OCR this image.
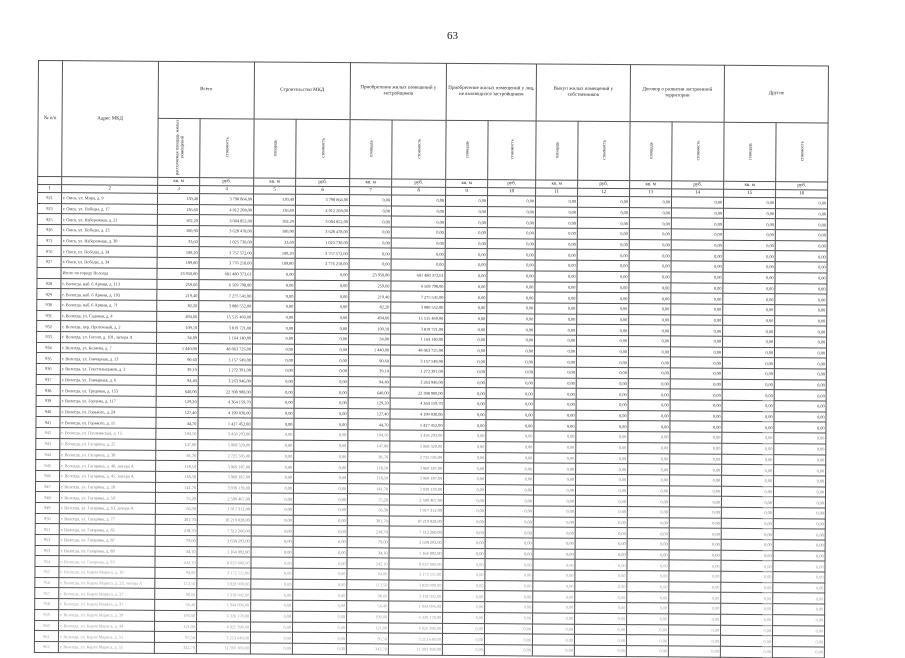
63
№ п/п	Адрес МКД	Всего		Строительство МКД		Приобретение жилых помещений у застройщиков		Приобретение жилых помещений у лиц, не являющихся застройщиком		Выкуп жилых помещений у собственников		Договор о развитии застроенной территории		Другие	
		расселяемая площадь жилых помещений	стоимость	площадь	стоимость	площадь	стоимость	площадь	стоимость	площадь	стоимость	площадь	стоимость	площадь	стоимость
		кв. м	руб.	кв. м	руб.	кв. м	руб.	кв. м	руб.	кв. м	руб.	кв. м	руб.	кв. м	руб.
1	2	3	4	5	6	7	8	9	10	11	12	13	14	15	16
921	г. Омск, ул. Мира, д. 9	130,40	3 798 864,00	130,40	3 798 864,00	0,00	0,00	0,00	0,00	0,00	0,00	0,00	0,00	0,00	0,00
923	г. Омск, ул. Победы, д. 17	136,60	4 012 208,00	136,60	4 012 208,00	0,00	0,00	0,00	0,00	0,00	0,00	0,00	0,00	0,00	0,00
925	г. Омск, ул. Набережная, д. 21	102,20	3 004 852,00	102,20	3 004 852,00	0,00	0,00	0,00	0,00	0,00	0,00	0,00	0,00	0,00	0,00
926	г. Омск, ул. Победы, д. 23	100,90	3 628 478,00	100,90	3 628 478,00	0,00	0,00	0,00	0,00	0,00	0,00	0,00	0,00	0,00	0,00
972	г. Омск, ул. Набережная, д. 30	33,60	1 025 730,00	33,60	1 025 730,00	0,00	0,00	0,00	0,00	0,00	0,00	0,00	0,00	0,00	0,00
976	г. Омск, ул. Победы, д. 34	109,20	3 757 572,00	109,20	3 757 572,00	0,00	0,00	0,00	0,00	0,00	0,00	0,00	0,00	0,00	0,00
927	г. Омск, ул. Победы, д. 34	109,80	3 776 218,00	109,80	3 776 218,00	0,00	0,00	0,00	0,00	0,00	0,00	0,00	0,00	0,00	0,00
	Итого по городу Вологда	23 950,80	681 480 373,61	0,00	0,00	23 950,80	681 480 373,61	0,00	0,00	0,00	0,00	0,00	0,00	0,00	0,00
928	г. Вологда, наб. 6 Армии, д. 113	259,60	6 569 798,00	0,00	0,00	259,60	6 569 798,00	0,00	0,00	0,00	0,00	0,00	0,00	0,00	0,00
929	г. Вологда, наб. 6 Армии, д. 193	219,40	7 275 541,00	0,00	0,00	219,40	7 275 541,00	0,00	0,00	0,00	0,00	0,00	0,00	0,00	0,00
930	г. Вологда, наб. 6 Армии, д. 71	82,20	3 080 552,00	0,00	0,00	82,20	3 080 552,00	0,00	0,00	0,00	0,00	0,00	0,00	0,00	0,00
931	г. Вологда, ул. Садовая, д. 4	494,60	15 515 469,00	0,00	0,00	494,60	15 515 469,00	0,00	0,00	0,00	0,00	0,00	0,00	0,00	0,00
932	г. Вологда, пер. Проточный, д. 2	109,10	3 819 721,00	0,00	0,00	109,10	3 819 721,00	0,00	0,00	0,00	0,00	0,00	0,00	0,00	0,00
933	г. Вологда, ул. Гоголя, д. 101, литера А	34,00	1 164 140,00	0,00	0,00	34,00	1 164 140,00	0,00	0,00	0,00	0,00	0,00	0,00	0,00	0,00
934	г. Вологда, ул. Беляева, д. 7	1 440,00	48 063 725,00	0,00	0,00	1 440,00	48 063 725,00	0,00	0,00	0,00	0,00	0,00	0,00	0,00	0,00
935	г. Вологда, ул. Гончарная, д. 13	90,60	3 157 549,00	0,00	0,00	90,60	3 157 549,00	0,00	0,00	0,00	0,00	0,00	0,00	0,00	0,00
936	г. Вологда, ул. Текстильщиков, д. 2	39,10	1 272 391,00	0,00	0,00	39,10	1 272 391,00	0,00	0,00	0,00	0,00	0,00	0,00	0,00	0,00
937	г. Вологда, ул. Гончарная, д. 6	94,40	3 263 946,00	0,00	0,00	94,40	3 263 946,00	0,00	0,00	0,00	0,00	0,00	0,00	0,00	0,00
938	г. Вологда, ул. Трудовая, д. 153	640,00	22 398 900,00	0,00	0,00	640,00	22 398 900,00	0,00	0,00	0,00	0,00	0,00	0,00	0,00	0,00
939	г. Вологда, ул. Герцена, д. 117	129,20	4 364 159,70	0,00	0,00	129,20	4 364 159,70	0,00	0,00	0,00	0,00	0,00	0,00	0,00	0,00
940	г. Вологда, ул. Горького, д. 24	127,40	4 199 030,00	0,00	0,00	127,40	4 199 030,00	0,00	0,00	0,00	0,00	0,00	0,00	0,00	0,00
941	г. Вологда, ул. Горького, д. 11	44,70	1 427 452,00	0,00	0,00	44,70	1 427 452,00	0,00	0,00	0,00	0,00	0,00	0,00	0,00	0,00
942	г. Вологда, ул. Пушкинская, д. 15	104,50	3 458 293,00	0,00	0,00	104,50	3 458 293,00	0,00	0,00	0,00	0,00	0,00	0,00	0,00	0,00
943	г. Вологда, ул. Гагарина, д. 25	147,00	5 068 320,00	0,00	0,00	147,00	5 068 320,00	0,00	0,00	0,00	0,00	0,00	0,00	0,00	0,00
944	г. Вологда, ул. Гагарина, д. 38	81,70	2 725 505,00	0,00	0,00	81,70	2 725 505,00	0,00	0,00	0,00	0,00	0,00	0,00	0,00	0,00
945	г. Вологда, ул. Гагарина, д. 40, литера А	118,50	3 969 187,00	0,00	0,00	118,50	3 969 187,00	0,00	0,00	0,00	0,00	0,00	0,00	0,00	0,00
946	г. Вологда, ул. Гагарина, д. 45, литера А	118,50	3 969 187,00	0,00	0,00	118,50	3 969 187,00	0,00	0,00	0,00	0,00	0,00	0,00	0,00	0,00
947	г. Вологда, ул. Гагарина, д. 18	141,70	3 939 139,00	0,00	0,00	141,70	3 939 139,00	0,00	0,00	0,00	0,00	0,00	0,00	0,00	0,00
948	г. Вологда, ул. Гагарина, д. 59	75,20	2 509 467,00	0,00	0,00	75,20	2 509 467,00	0,00	0,00	0,00	0,00	0,00	0,00	0,00	0,00
949	г. Вологда, ул. Гагарина, д. 63, литера А	56,30	1 917 312,00	0,00	0,00	56,30	1 917 312,00	0,00	0,00	0,00	0,00	0,00	0,00	0,00	0,00
950	г. Вологда, ул. Гагарина, д. 77	301,70	10 219 028,00	0,00	0,00	301,70	10 219 028,00	0,00	0,00	0,00	0,00	0,00	0,00	0,00	0,00
951	г. Вологда, ул. Гагарина, д. 85	218,70	7 312 260,00	0,00	0,00	218,70	7 312 260,00	0,00	0,00	0,00	0,00	0,00	0,00	0,00	0,00
952	г. Вологда, ул. Гагарина, д. 87	79,00	2 638 293,00	0,00	0,00	79,00	2 638 293,00	0,00	0,00	0,00	0,00	0,00	0,00	0,00	0,00
953	г. Вологда, ул. Гагарина, д. 89	34,10	1 164 092,00	0,00	0,00	34,10	1 164 092,00	0,00	0,00	0,00	0,00	0,00	0,00	0,00	0,00
954	г. Вологда, ул. Гагарина, д. 93	242,10	8 029 080,00	0,00	0,00	242,10	8 029 080,00	0,00	0,00	0,00	0,00	0,00	0,00	0,00	0,00
955	г. Вологда, ул. Карла Маркса, д. 10	94,00	3 172 111,00	0,00	0,00	94,00	3 172 111,00	0,00	0,00	0,00	0,00	0,00	0,00	0,00	0,00
956	г. Вологда, ул. Карла Маркса, д. 23, литера А	113,50	3 828 900,00	0,00	0,00	113,50	3 828 900,00	0,00	0,00	0,00	0,00	0,00	0,00	0,00	0,00
957	г. Вологда, ул. Карла Маркса, д. 27	98,60	3 318 042,00	0,00	0,00	98,60	3 318 042,00	0,00	0,00	0,00	0,00	0,00	0,00	0,00	0,00
958	г. Вологда, ул. Карла Маркса, д. 37	56,40	1 944 096,00	0,00	0,00	56,40	1 944 096,00	0,00	0,00	0,00	0,00	0,00	0,00	0,00	0,00
959	г. Вологда, ул. Карла Маркса, д. 39	190,00	6 320 178,00	0,00	0,00	190,00	6 320 178,00	0,00	0,00	0,00	0,00	0,00	0,00	0,00	0,00
960	г. Вологда, ул. Карла Маркса, д. 44	121,00	4 025 398,00	0,00	0,00	121,00	4 025 398,00	0,00	0,00	0,00	0,00	0,00	0,00	0,00	0,00
961	г. Вологда, ул. Карла Маркса, д. 51	95,50	3 213 648,00	0,00	0,00	95,50	3 213 648,00	0,00	0,00	0,00	0,00	0,00	0,00	0,00	0,00
962	г. Вологда, ул. Карла Маркса, д. 55	342,70	11 393 369,00	0,00	0,00	342,70	11 393 369,00	0,00	0,00	0,00	0,00	0,00	0,00	0,00	0,00
